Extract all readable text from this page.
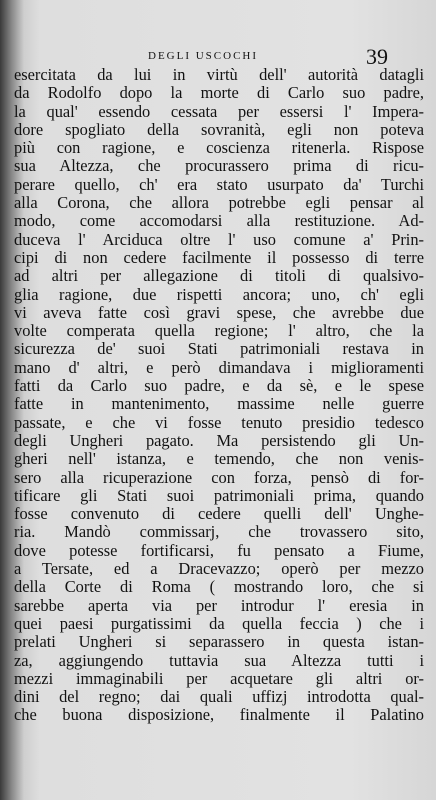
DEGLI USCOCHI	39
esercitata da lui in virtù dell' autorità datagli
da Rodolfo dopo la morte di Carlo suo padre,
la qual' essendo cessata per essersi l' Impera-
dore spogliato della sovranità, egli non poteva
più con ragione, e coscienza ritenerla. Rispose
sua Altezza, che procurassero prima di ricu-
perare quello, ch' era stato usurpato da' Turchi
alla Corona, che allora potrebbe egli pensar al
modo, come accomodarsi alla restituzione. Ad-
duceva l' Arciduca oltre l' uso comune a' Prin-
cipi di non cedere facilmente il possesso di terre
ad altri per allegazione di titoli di qualsivo-
glia ragione, due rispetti ancora; uno, ch' egli
vi aveva fatte così gravi spese, che avrebbe due
volte comperata quella regione; l' altro, che la
sicurezza de' suoi Stati patrimoniali restava in
mano d' altri, e però dimandava i miglioramenti
fatti da Carlo suo padre, e da sè, e le spese
fatte in mantenimento, massime nelle guerre
passate, e che vi fosse tenuto presidio tedesco
degli Ungheri pagato. Ma persistendo gli Un-
gheri nell' istanza, e temendo, che non venis-
sero alla ricuperazione con forza, pensò di for-
tificare gli Stati suoi patrimoniali prima, quando
fosse convenuto di cedere quelli dell' Unghe-
ria. Mandò commissarj, che trovassero sito,
dove potesse fortificarsi, fu pensato a Fiume,
a Tersate, ed a Dracevazzo; operò per mezzo
della Corte di Roma ( mostrando loro, che si
sarebbe aperta via per introdur l' eresia in
quei paesi purgatissimi da quella feccia ) che i
prelati Ungheri si separassero in questa istan-
za, aggiungendo tuttavia sua Altezza tutti i
mezzi immaginabili per acquetare gli altri or-
dini del regno; dai quali uffizj introdotta qual-
che buona disposizione, finalmente il Palatino
